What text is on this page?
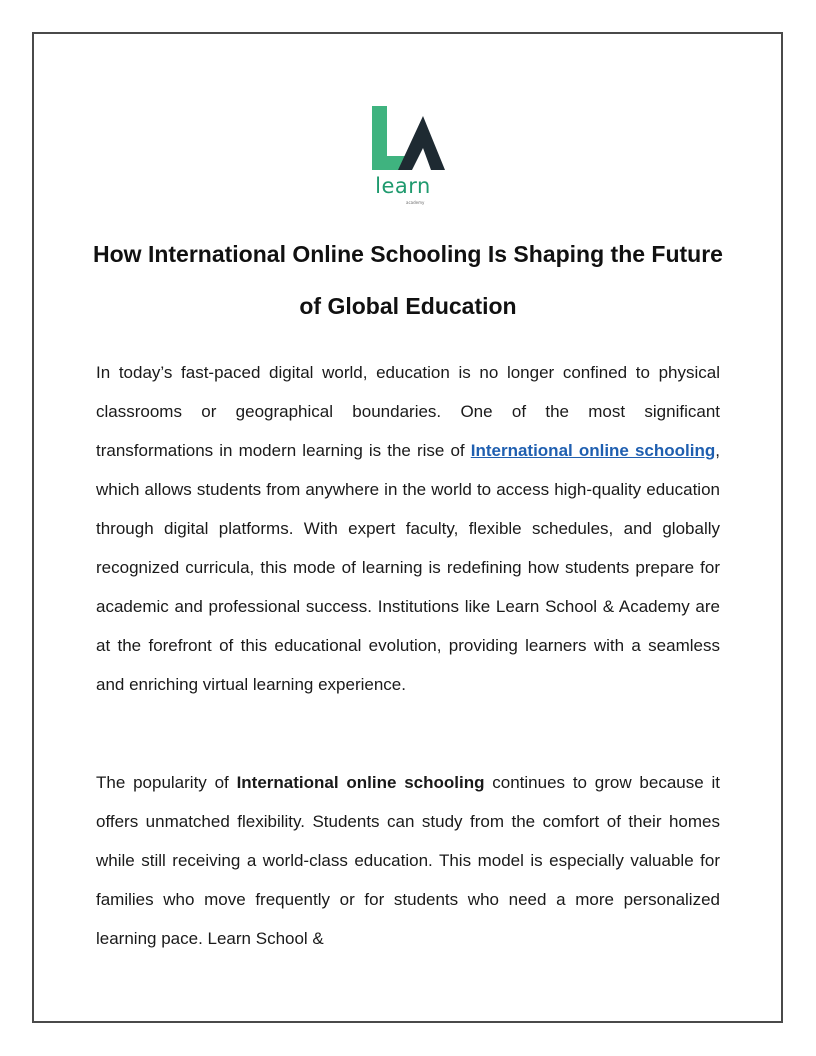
learn
academy
How International Online Schooling Is Shaping the Future of Global Education

In today’s fast-paced digital world, education is no longer confined to physical classrooms or geographical boundaries. One of the most significant transformations in modern learning is the rise of International online schooling, which allows students from anywhere in the world to access high-quality education through digital platforms. With expert faculty, flexible schedules, and globally recognized curricula, this mode of learning is redefining how students prepare for academic and professional success. Institutions like Learn School & Academy are at the forefront of this educational evolution, providing learners with a seamless and enriching virtual learning experience.

The popularity of International online schooling continues to grow because it offers unmatched flexibility. Students can study from the comfort of their homes while still receiving a world-class education. This model is especially valuable for families who move frequently or for students who need a more personalized learning pace. Learn School &
